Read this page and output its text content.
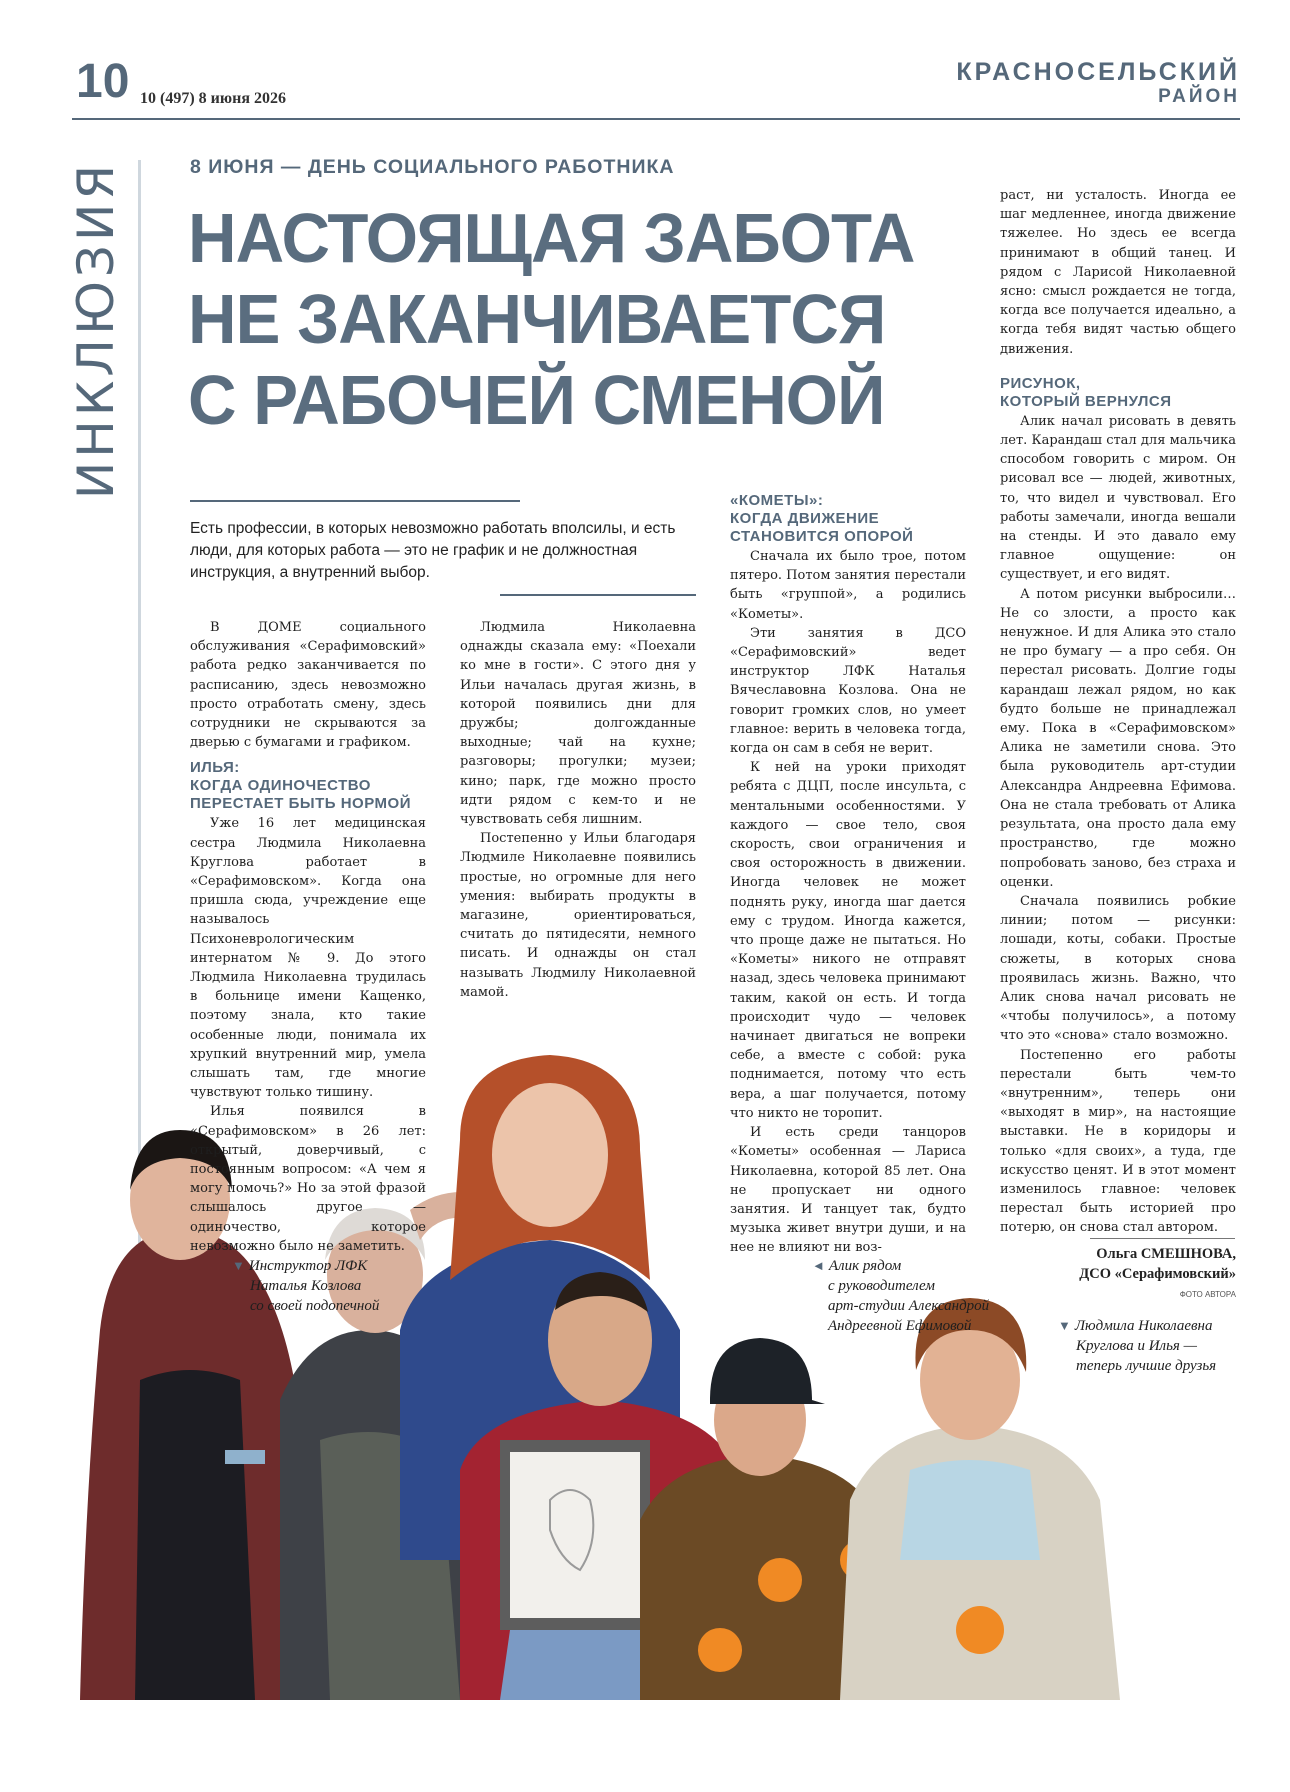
10 10 (497) 8 июня 2026
КРАСНОСЕЛЬСКИЙ
РАЙОН
ИНКЛЮЗИЯ	8 ИЮНЯ — ДЕНЬ СОЦИАЛЬНОГО РАБОТНИКА
НАСТОЯЩАЯ ЗАБОТА
НЕ ЗАКАНЧИВАЕТСЯ
С РАБОЧЕЙ СМЕНОЙ
Есть профессии, в которых невозможно работать вполсилы, и есть люди, для которых работа — это не график и не должностная инструкция, а внутренний выбор.

В ДОМЕ социального обслуживания «Серафимовский» работа редко заканчивается по расписанию, здесь невозможно просто отработать смену, здесь сотрудники не скрываются за дверью с бумагами и графиком.

ИЛЬЯ:
КОГДА ОДИНОЧЕСТВО
ПЕРЕСТАЕТ БЫТЬ НОРМОЙ

Уже 16 лет медицинская сестра Людмила Николаевна Круглова работает в «Серафимовском». Когда она пришла сюда, учреждение еще называлось Психоневрологическим интернатом № 9. До этого Людмила Николаевна трудилась в больнице имени Кащенко, поэтому знала, кто такие особенные люди, понимала их хрупкий внутренний мир, умела слышать там, где многие чувствуют только тишину.

Илья появился в «Серафимовском» в 26 лет: открытый, доверчивый, с постоянным вопросом: «А чем я могу помочь?» Но за этой фразой слышалось другое — одиночество, которое невозможно было не заметить.

Людмила Николаевна однажды сказала ему: «Поехали ко мне в гости». С этого дня у Ильи началась другая жизнь, в которой появились дни для дружбы; долгожданные выходные; чай на кухне; разговоры; прогулки; музеи; кино; парк, где можно просто идти рядом с кем-то и не чувствовать себя лишним.

Постепенно у Ильи благодаря Людмиле Николаевне появились простые, но огромные для него умения: выбирать продукты в магазине, ориентироваться, считать до пятидесяти, немного писать. И однажды он стал называть Людмилу Николаевной мамой.

«КОМЕТЫ»:
КОГДА ДВИЖЕНИЕ
СТАНОВИТСЯ ОПОРОЙ

Сначала их было трое, потом пятеро. Потом занятия перестали быть «группой», а родились «Кометы».

Эти занятия в ДСО «Серафимовский» ведет инструктор ЛФК Наталья Вячеславовна Козлова. Она не говорит громких слов, но умеет главное: верить в человека тогда, когда он сам в себя не верит.

К ней на уроки приходят ребята с ДЦП, после инсульта, с ментальными особенностями. У каждого — свое тело, своя скорость, свои ограничения и своя осторожность в движении. Иногда человек не может поднять руку, иногда шаг дается ему с трудом. Иногда кажется, что проще даже не пытаться. Но «Кометы» никого не отправят назад, здесь человека принимают таким, какой он есть. И тогда происходит чудо — человек начинает двигаться не вопреки себе, а вместе с собой: рука поднимается, потому что есть вера, а шаг получается, потому что никто не торопит.

И есть среди танцоров «Кометы» особенная — Лариса Николаевна, которой 85 лет. Она не пропускает ни одного занятия. И танцует так, будто музыка живет внутри души, и на нее не влияют ни воз-

раст, ни усталость. Иногда ее шаг медленнее, иногда движение тяжелее. Но здесь ее всегда принимают в общий танец. И рядом с Ларисой Николаевной ясно: смысл рождается не тогда, когда все получается идеально, а когда тебя видят частью общего движения.

РИСУНОК,
КОТОРЫЙ ВЕРНУЛСЯ

Алик начал рисовать в девять лет. Карандаш стал для мальчика способом говорить с миром. Он рисовал все — людей, животных, то, что видел и чувствовал. Его работы замечали, иногда вешали на стенды. И это давало ему главное ощущение: он существует, и его видят.

А потом рисунки выбросили… Не со злости, а просто как ненужное. И для Алика это стало не про бумагу — а про себя. Он перестал рисовать. Долгие годы карандаш лежал рядом, но как будто больше не принадлежал ему. Пока в «Серафимовском» Алика не заметили снова. Это была руководитель арт-студии Александра Андреевна Ефимова. Она не стала требовать от Алика результата, она просто дала ему пространство, где можно попробовать заново, без страха и оценки.

Сначала появились робкие линии; потом — рисунки: лошади, коты, собаки. Простые сюжеты, в которых снова проявилась жизнь. Важно, что Алик снова начал рисовать не «чтобы получилось», а потому что это «снова» стало возможно.

Постепенно его работы перестали быть чем-то «внутренним», теперь они «выходят в мир», на настоящие выставки. Не в коридоры и только «для своих», а туда, где искусство ценят. И в этот момент изменилось главное: человек перестал быть историей про потерю, он снова стал автором.

Ольга СМЕШНОВА,
ДСО «Серафимовский»
ФОТО АВТОРА
▼ Инструктор ЛФК
Наталья Козлова
со своей подопечной
◄ Алик рядом
с руководителем
арт-студии Александрой
Андреевной Ефимовой	▼ Людмила Николаевна
Круглова и Илья —
теперь лучшие друзья
